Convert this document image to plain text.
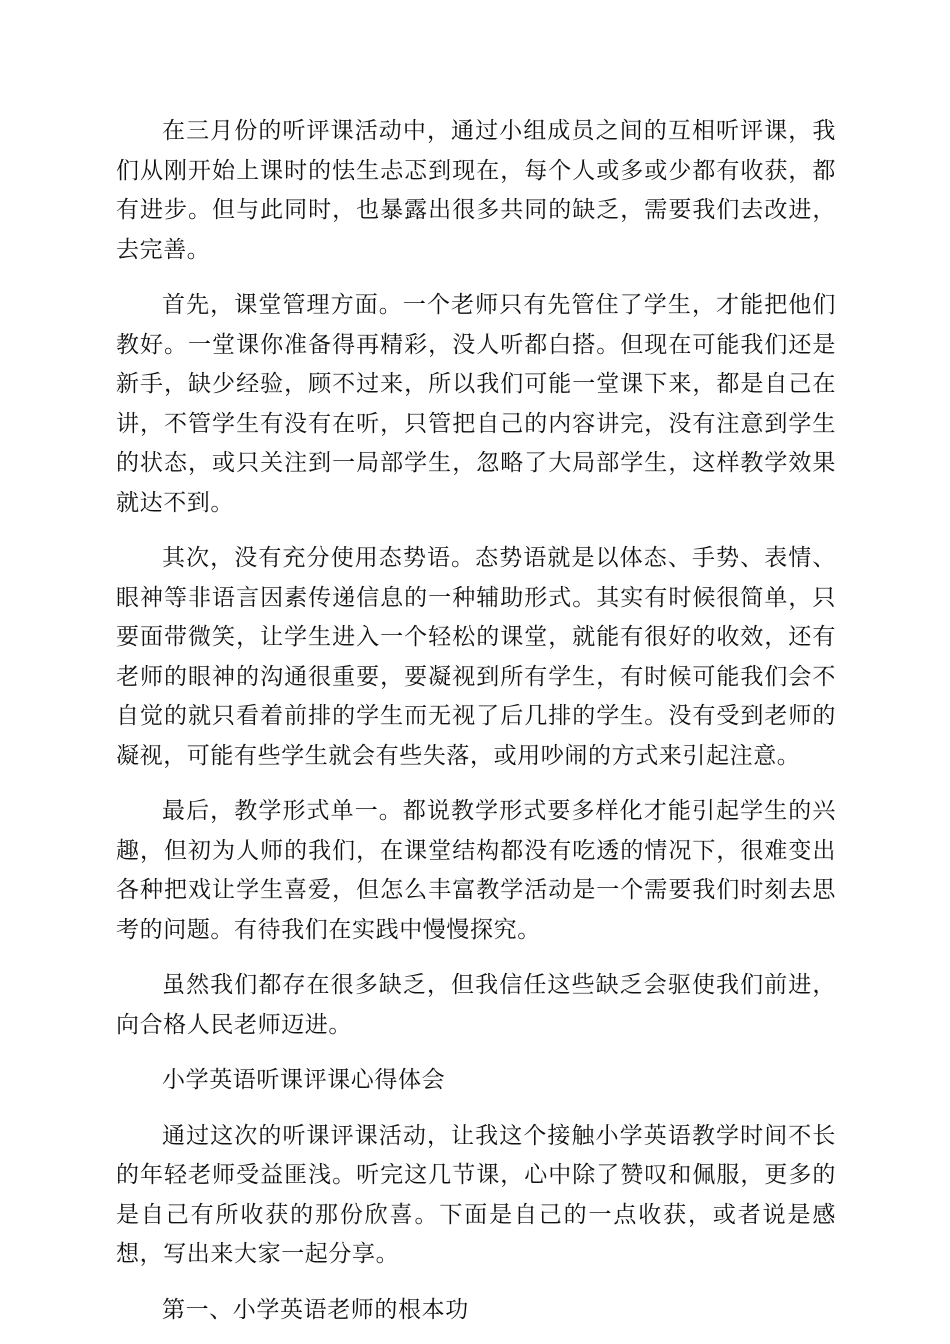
在三月份的听评课活动中，通过小组成员之间的互相听评课，我们从刚开始上课时的怯生忐忑到现在，每个人或多或少都有收获，都有进步。但与此同时，也暴露出很多共同的缺乏，需要我们去改进，去完善。

首先，课堂管理方面。一个老师只有先管住了学生，才能把他们教好。一堂课你准备得再精彩，没人听都白搭。但现在可能我们还是新手，缺少经验，顾不过来，所以我们可能一堂课下来，都是自己在讲，不管学生有没有在听，只管把自己的内容讲完，没有注意到学生的状态，或只关注到一局部学生，忽略了大局部学生，这样教学效果就达不到。

其次，没有充分使用态势语。态势语就是以体态、手势、表情、眼神等非语言因素传递信息的一种辅助形式。其实有时候很简单，只要面带微笑，让学生进入一个轻松的课堂，就能有很好的收效，还有老师的眼神的沟通很重要，要凝视到所有学生，有时候可能我们会不自觉的就只看着前排的学生而无视了后几排的学生。没有受到老师的凝视，可能有些学生就会有些失落，或用吵闹的方式来引起注意。

最后，教学形式单一。都说教学形式要多样化才能引起学生的兴趣，但初为人师的我们，在课堂结构都没有吃透的情况下，很难变出各种把戏让学生喜爱，但怎么丰富教学活动是一个需要我们时刻去思考的问题。有待我们在实践中慢慢探究。

虽然我们都存在很多缺乏，但我信任这些缺乏会驱使我们前进，向合格人民老师迈进。

小学英语听课评课心得体会

通过这次的听课评课活动，让我这个接触小学英语教学时间不长的年轻老师受益匪浅。听完这几节课，心中除了赞叹和佩服，更多的是自己有所收获的那份欣喜。下面是自己的一点收获，或者说是感想，写出来大家一起分享。

第一、小学英语老师的根本功
